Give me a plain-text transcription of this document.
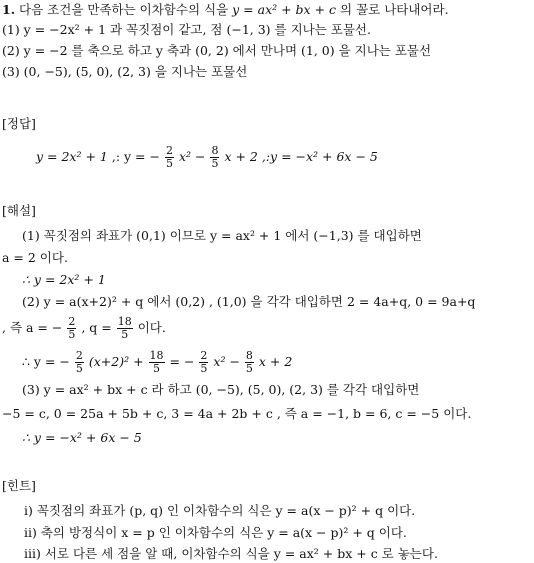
1. 다음 조건을 만족하는 이차함수의 식을 y = ax² + bx + c 의 꼴로 나타내어라.
(1) y = −2x² + 1 과 꼭짓점이 같고, 점 (−1, 3) 를 지나는 포물선.
(2) y = −2 를 축으로 하고 y 축과 (0, 2) 에서 만나며 (1, 0) 을 지나는 포물선
(3) (0, −5), (5, 0), (2, 3) 을 지나는 포물선
[정답]
y = 2x² + 1 ,: y = − $\frac{2}{5} x^2 - \frac{8}{5}$ x + 2 ,:y = −x² + 6x − 5
[해설]
(1) 꼭짓점의 좌표가 (0,1) 이므로 y = ax² + 1 에서 (−1,3) 를 대입하면
a = 2 이다.
∴ y = 2x² + 1
(2) y = a(x+2)² + q 에서 (0,2) , (1,0) 을 각각 대입하면 2 = 4a+q, 0 = 9a+q
, 즉 a = − $\frac{2}{5}$ , $q = \frac{18}{5}$ 이다.
∴ y = − $\frac{2}{5} (x+2)^2 + \frac{18}{5}$ = − $\frac{2}{5} x^2 - \frac{8}{5}$ x + 2
(3) y = ax² + bx + c 라 하고 (0, −5), (5, 0), (2, 3) 를 각각 대입하면
−5 = c, 0 = 25a + 5b + c, 3 = 4a + 2b + c , 즉 a = −1, b = 6, c = −5 이다.
∴ y = −x² + 6x − 5
[힌트]
ⅰ) 꼭짓점의 좌표가 (p, q) 인 이차함수의 식은 y = a(x − p)² + q 이다.
ⅱ) 축의 방정식이 x = p 인 이차함수의 식은 y = a(x − p)² + q 이다.
ⅲ) 서로 다른 세 점을 알 때, 이차함수의 식을 y = ax² + bx + c 로 놓는다.
